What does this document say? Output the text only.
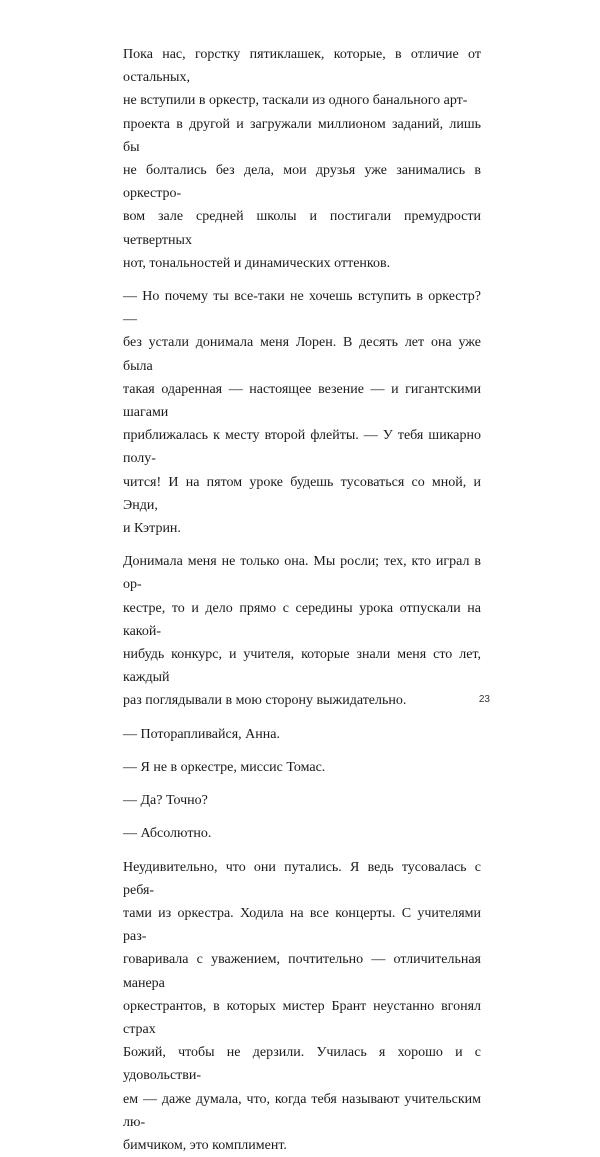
Пока нас, горстку пятиклашек, которые, в отличие от остальных,
не вступили в оркестр, таскали из одного банального арт-
проекта в другой и загружали миллионом заданий, лишь бы
не болтались без дела, мои друзья уже занимались в оркестро-
вом зале средней школы и постигали премудрости четвертных
нот, тональностей и динамических оттенков.

— Но почему ты все-таки не хочешь вступить в оркестр? —
без устали донимала меня Лорен. В десять лет она уже была
такая одаренная — настоящее везение — и гигантскими шагами
приближалась к месту второй флейты. — У тебя шикарно полу-
чится! И на пятом уроке будешь тусоваться со мной, и Энди,
и Кэтрин.

Донимала меня не только она. Мы росли; тех, кто играл в ор-
кестре, то и дело прямо с середины урока отпускали на какой-
нибудь конкурс, и учителя, которые знали меня сто лет, каждый
раз поглядывали в мою сторону выжидательно.

— Поторапливайся, Анна.

— Я не в оркестре, миссис Томас.

— Да? Точно?

— Абсолютно.

Неудивительно, что они путались. Я ведь тусовалась с ребя-
тами из оркестра. Ходила на все концерты. С учителями раз-
говаривала с уважением, почтительно — отличительная манера
оркестрантов, в которых мистер Брант неустанно вгонял страх
Божий, чтобы не дерзили. Училась я хорошо и с удовольстви-
ем — даже думала, что, когда тебя называют учительским лю-
бимчиком, это комплимент.

23
